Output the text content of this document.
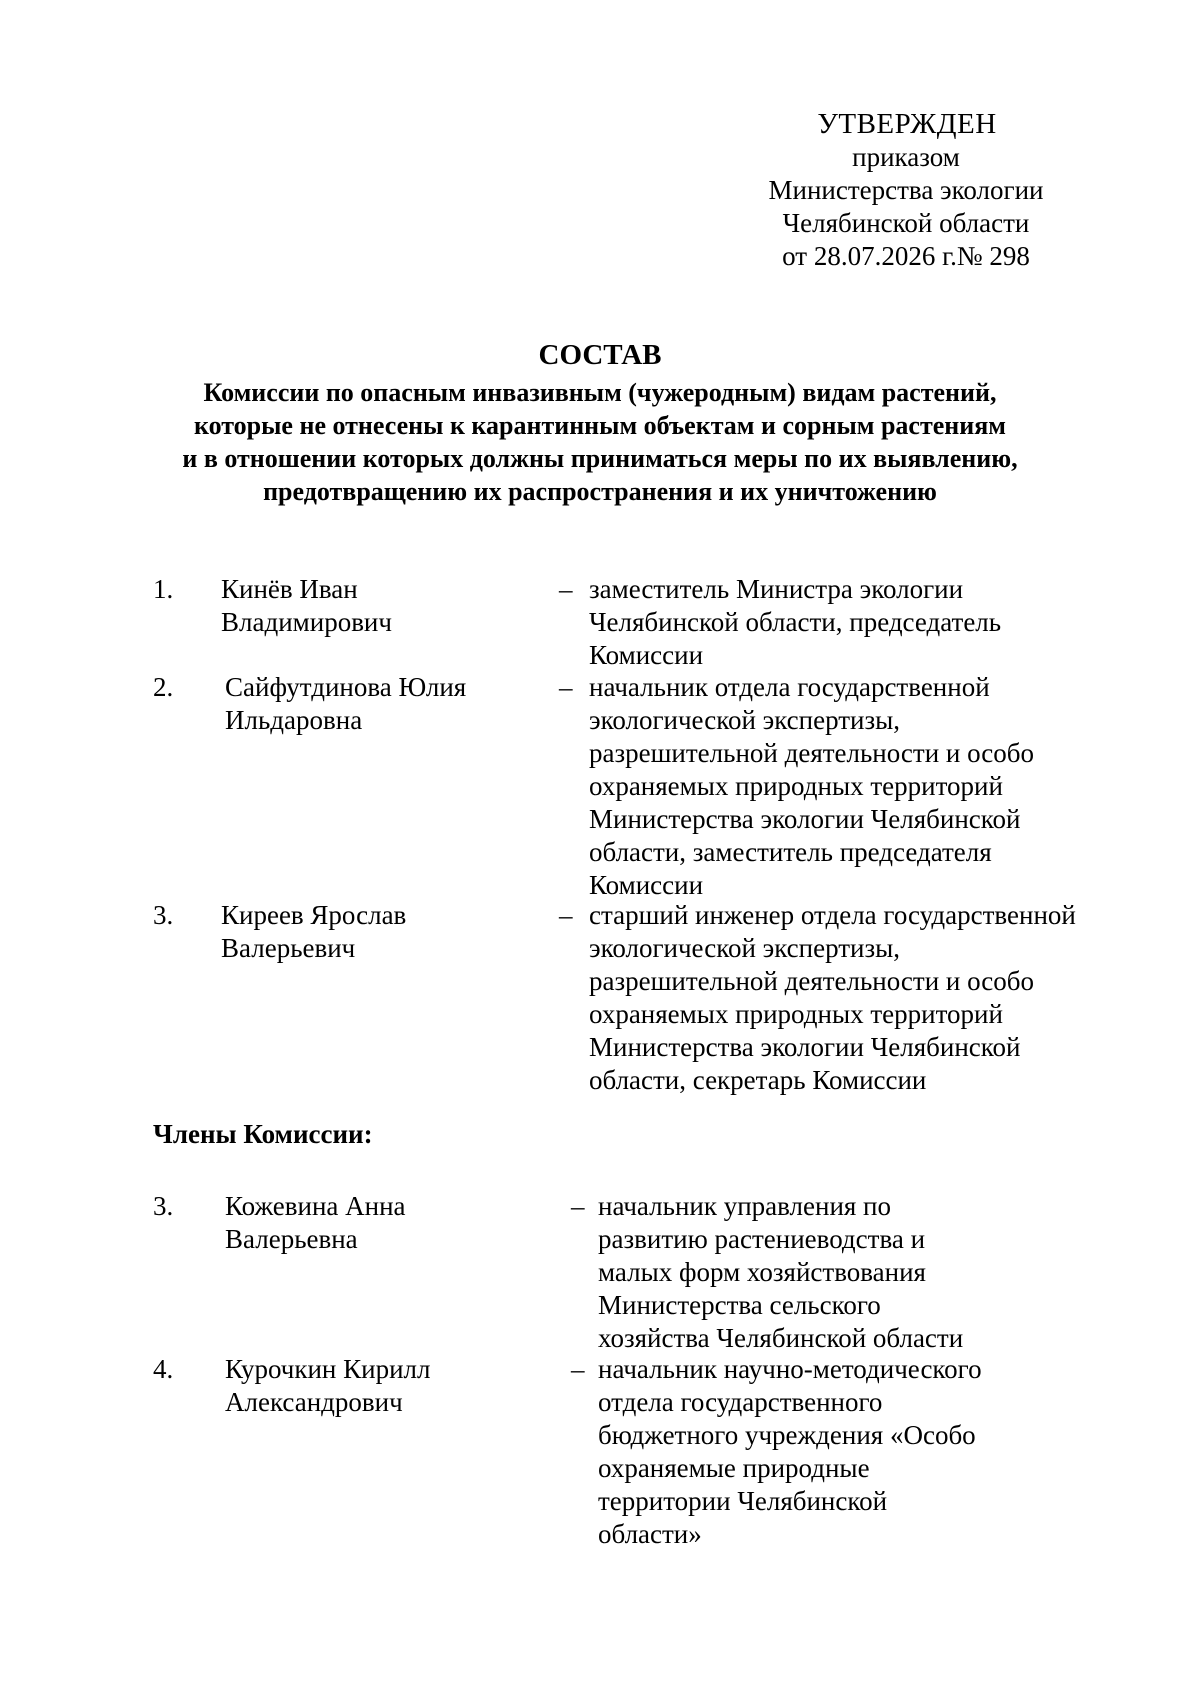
УТВЕРЖДЕН
приказом
Министерства экологии
Челябинской области
от 28.07.2026 г.№ 298
СОСТАВ
Комиссии по опасным инвазивным (чужеродным) видам растений,
которые не отнесены к карантинным объектам и сорным растениям
и в отношении которых должны приниматься меры по их выявлению,
предотвращению их распространения и их уничтожению
1. Кинёв Иван
Владимирович
– заместитель Министра экологии
Челябинской области, председатель
Комиссии
2. Сайфутдинова Юлия
Ильдаровна
– начальник отдела государственной
экологической экспертизы,
разрешительной деятельности и особо
охраняемых природных территорий
Министерства экологии Челябинской
области, заместитель председателя
Комиссии
3. Киреев Ярослав
Валерьевич
– старший инженер отдела государственной
экологической экспертизы,
разрешительной деятельности и особо
охраняемых природных территорий
Министерства экологии Челябинской
области, секретарь Комиссии
Члены Комиссии:
3. Кожевина Анна
Валерьевна
– начальник управления по
развитию растениеводства и
малых форм хозяйствования
Министерства сельского
хозяйства Челябинской области
4. Курочкин Кирилл
Александрович
– начальник научно-методического
отдела государственного
бюджетного учреждения «Особо
охраняемые природные
территории Челябинской
области»
